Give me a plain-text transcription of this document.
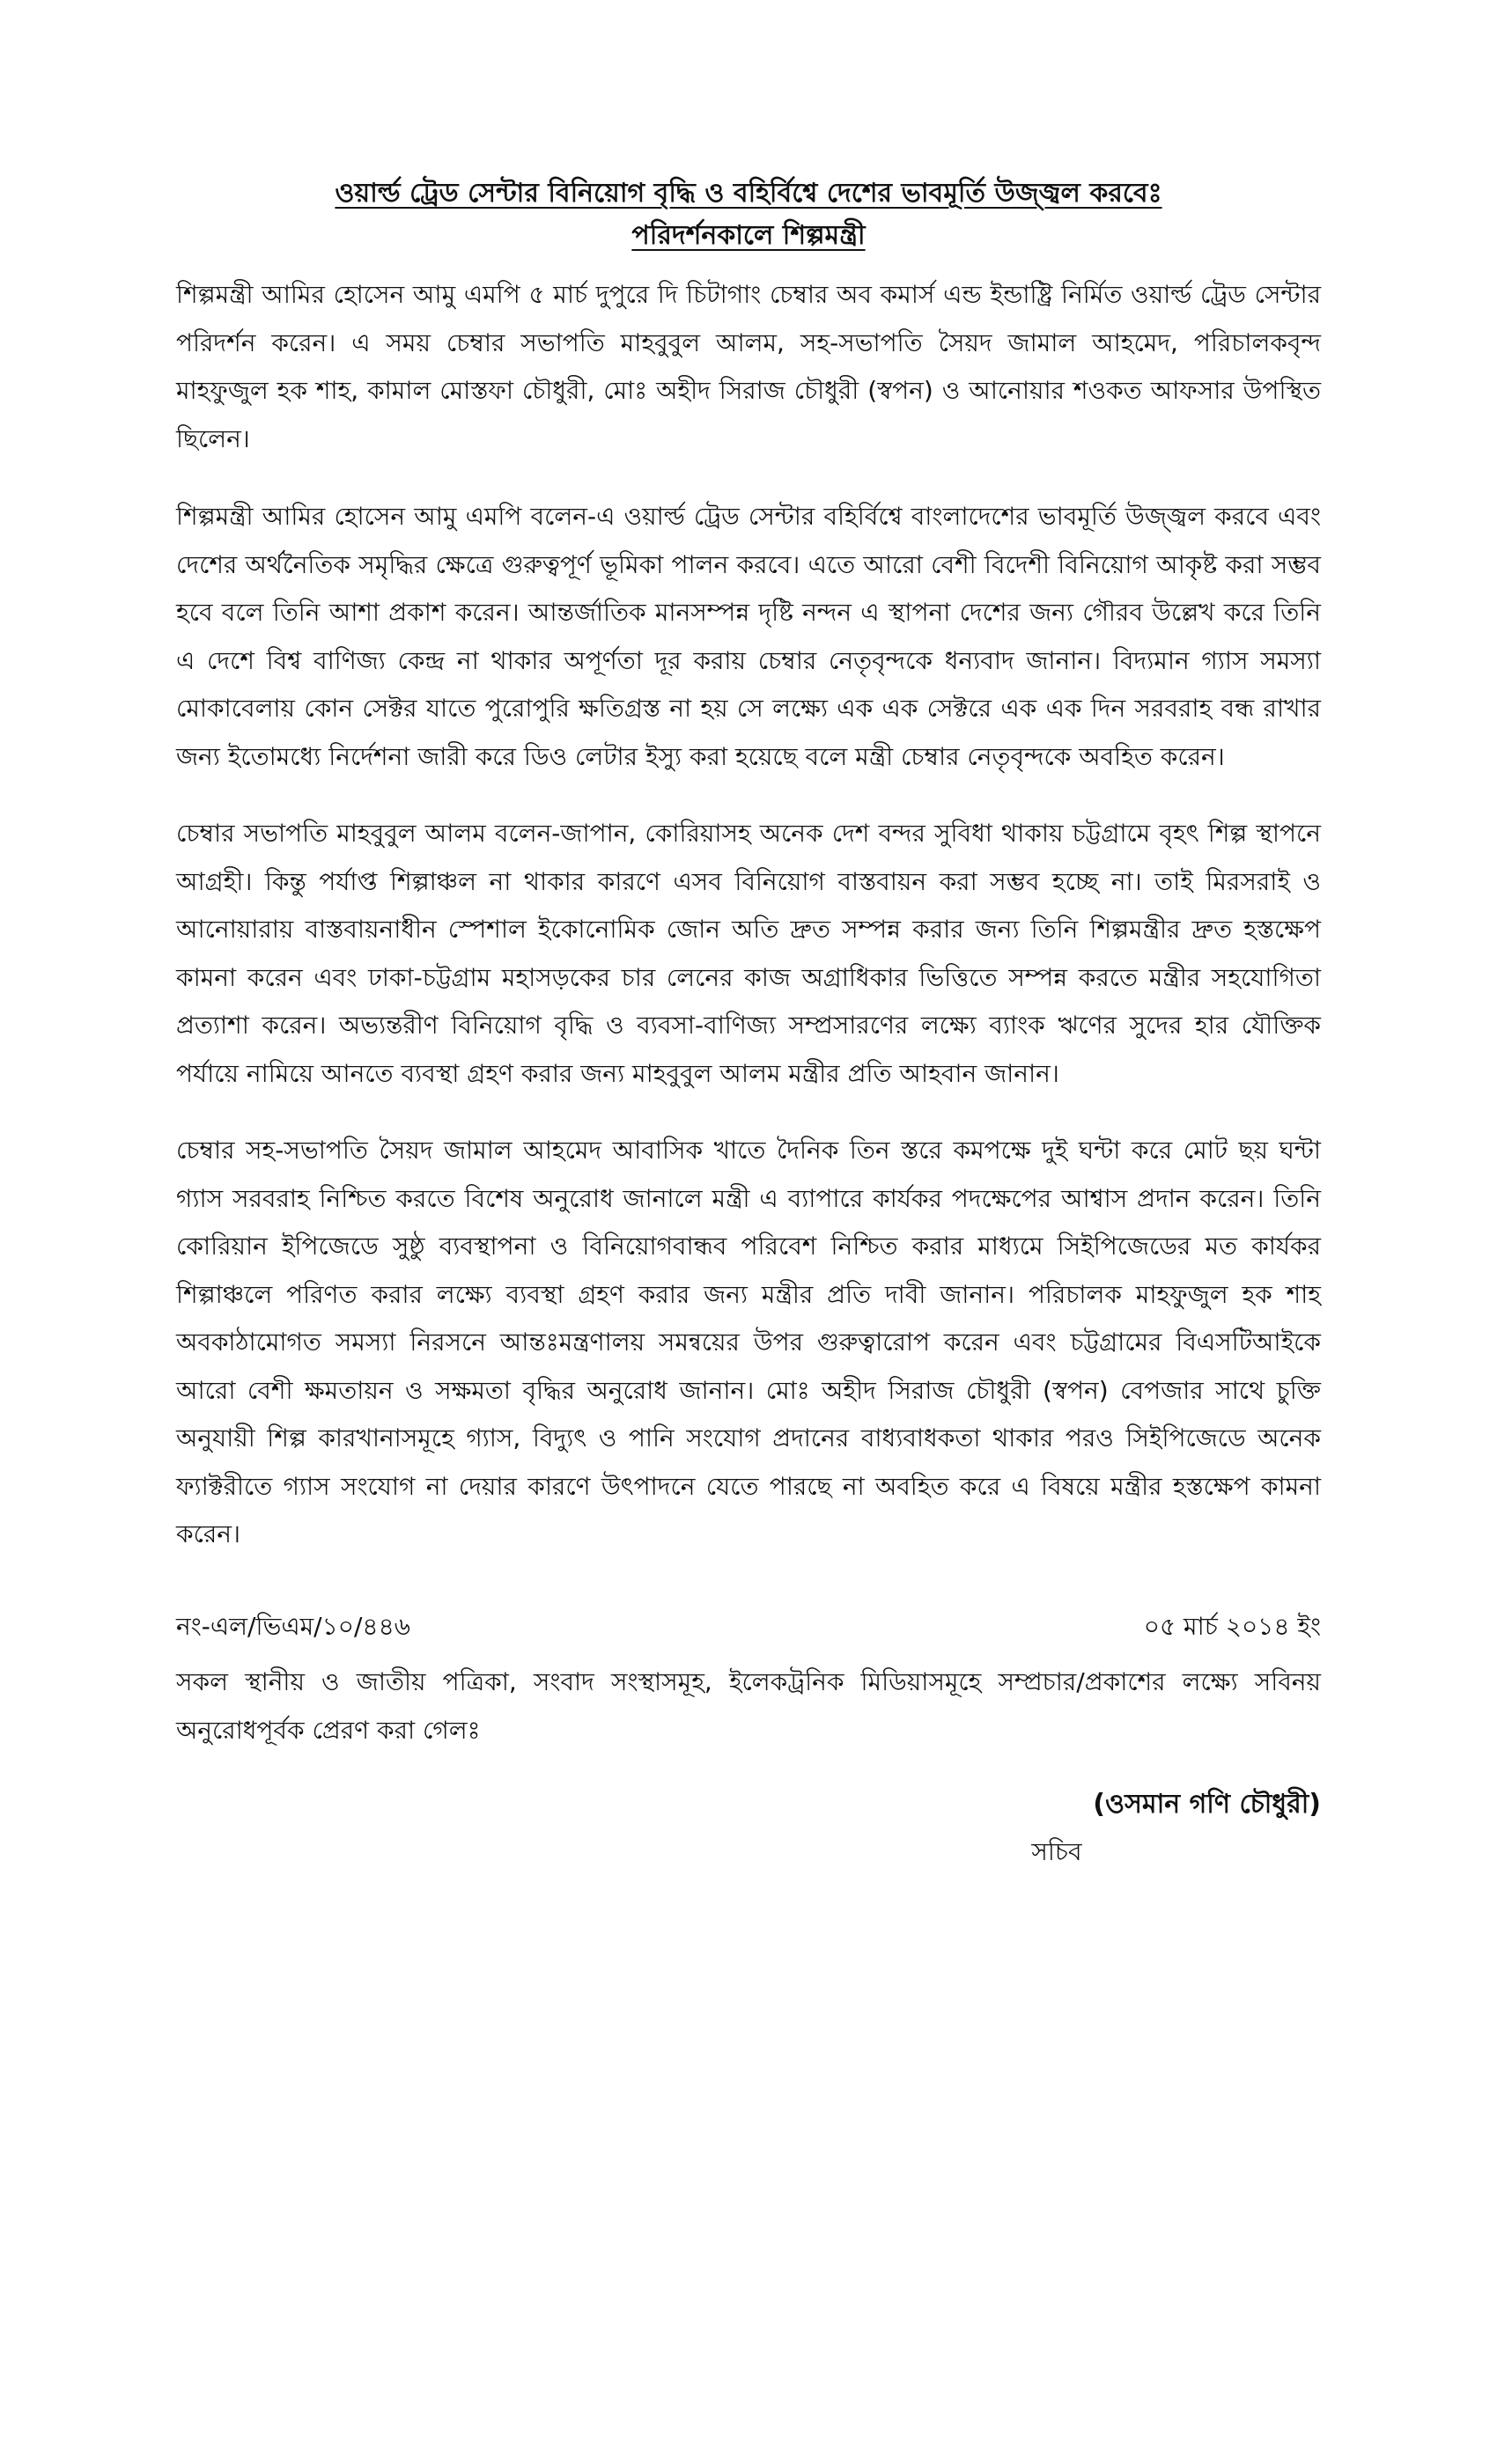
ওয়ার্ল্ড ট্রেড সেন্টার বিনিয়োগ বৃদ্ধি ও বহির্বিশ্বে দেশের ভাবমূর্তি উজ্জ্বল করবেঃ
পরিদর্শনকালে শিল্পমন্ত্রী

শিল্পমন্ত্রী আমির হোসেন আমু এমপি ৫ মার্চ দুপুরে দি চিটাগাং চেম্বার অব কমার্স এন্ড ইন্ডাষ্ট্রি নির্মিত ওয়ার্ল্ড ট্রেড সেন্টার পরিদর্শন করেন। এ সময় চেম্বার সভাপতি মাহবুবুল আলম, সহ-সভাপতি সৈয়দ জামাল আহমেদ, পরিচালকবৃন্দ মাহফুজুল হক শাহ, কামাল মোস্তফা চৌধুরী, মোঃ অহীদ সিরাজ চৌধুরী (স্বপন) ও আনোয়ার শওকত আফসার উপস্থিত ছিলেন।

শিল্পমন্ত্রী আমির হোসেন আমু এমপি বলেন-এ ওয়ার্ল্ড ট্রেড সেন্টার বহির্বিশ্বে বাংলাদেশের ভাবমূর্তি উজ্জ্বল করবে এবং দেশের অর্থনৈতিক সমৃদ্ধির ক্ষেত্রে গুরুত্বপূর্ণ ভূমিকা পালন করবে। এতে আরো বেশী বিদেশী বিনিয়োগ আকৃষ্ট করা সম্ভব হবে বলে তিনি আশা প্রকাশ করেন। আন্তর্জাতিক মানসম্পন্ন দৃষ্টি নন্দন এ স্থাপনা দেশের জন্য গৌরব উল্লেখ করে তিনি এ দেশে বিশ্ব বাণিজ্য কেন্দ্র না থাকার অপূর্ণতা দূর করায় চেম্বার নেতৃবৃন্দকে ধন্যবাদ জানান। বিদ্যমান গ্যাস সমস্যা মোকাবেলায় কোন সেক্টর যাতে পুরোপুরি ক্ষতিগ্রস্ত না হয় সে লক্ষ্যে এক এক সেক্টরে এক এক দিন সরবরাহ বন্ধ রাখার জন্য ইতোমধ্যে নির্দেশনা জারী করে ডিও লেটার ইস্যু করা হয়েছে বলে মন্ত্রী চেম্বার নেতৃবৃন্দকে অবহিত করেন।

চেম্বার সভাপতি মাহবুবুল আলম বলেন-জাপান, কোরিয়াসহ অনেক দেশ বন্দর সুবিধা থাকায় চট্টগ্রামে বৃহৎ শিল্প স্থাপনে আগ্রহী। কিন্তু পর্যাপ্ত শিল্পাঞ্চল না থাকার কারণে এসব বিনিয়োগ বাস্তবায়ন করা সম্ভব হচ্ছে না। তাই মিরসরাই ও আনোয়ারায় বাস্তবায়নাধীন স্পেশাল ইকোনোমিক জোন অতি দ্রুত সম্পন্ন করার জন্য তিনি শিল্পমন্ত্রীর দ্রুত হস্তক্ষেপ কামনা করেন এবং ঢাকা-চট্টগ্রাম মহাসড়কের চার লেনের কাজ অগ্রাধিকার ভিত্তিতে সম্পন্ন করতে মন্ত্রীর সহযোগিতা প্রত্যাশা করেন। অভ্যন্তরীণ বিনিয়োগ বৃদ্ধি ও ব্যবসা-বাণিজ্য সম্প্রসারণের লক্ষ্যে ব্যাংক ঋণের সুদের হার যৌক্তিক পর্যায়ে নামিয়ে আনতে ব্যবস্থা গ্রহণ করার জন্য মাহবুবুল আলম মন্ত্রীর প্রতি আহবান জানান।

চেম্বার সহ-সভাপতি সৈয়দ জামাল আহমেদ আবাসিক খাতে দৈনিক তিন স্তরে কমপক্ষে দুই ঘন্টা করে মোট ছয় ঘন্টা গ্যাস সরবরাহ নিশ্চিত করতে বিশেষ অনুরোধ জানালে মন্ত্রী এ ব্যাপারে কার্যকর পদক্ষেপের আশ্বাস প্রদান করেন। তিনি কোরিয়ান ইপিজেডে সুষ্ঠু ব্যবস্থাপনা ও বিনিয়োগবান্ধব পরিবেশ নিশ্চিত করার মাধ্যমে সিইপিজেডের মত কার্যকর শিল্পাঞ্চলে পরিণত করার লক্ষ্যে ব্যবস্থা গ্রহণ করার জন্য মন্ত্রীর প্রতি দাবী জানান। পরিচালক মাহফুজুল হক শাহ অবকাঠামোগত সমস্যা নিরসনে আন্তঃমন্ত্রণালয় সমন্বয়ের উপর গুরুত্বারোপ করেন এবং চট্টগ্রামের বিএসটিআইকে আরো বেশী ক্ষমতায়ন ও সক্ষমতা বৃদ্ধির অনুরোধ জানান। মোঃ অহীদ সিরাজ চৌধুরী (স্বপন) বেপজার সাথে চুক্তি অনুযায়ী শিল্প কারখানাসমূহে গ্যাস, বিদ্যুৎ ও পানি সংযোগ প্রদানের বাধ্যবাধকতা থাকার পরও সিইপিজেডে অনেক ফ্যাক্টরীতে গ্যাস সংযোগ না দেয়ার কারণে উৎপাদনে যেতে পারছে না অবহিত করে এ বিষয়ে মন্ত্রীর হস্তক্ষেপ কামনা করেন।

নং-এল/ভিএম/১০/৪৪৬	০৫ মার্চ ২০১৪ ইং

সকল স্থানীয় ও জাতীয় পত্রিকা, সংবাদ সংস্থাসমূহ, ইলেকট্রনিক মিডিয়াসমূহে সম্প্রচার/প্রকাশের লক্ষ্যে সবিনয় অনুরোধপূর্বক প্রেরণ করা গেলঃ

(ওসমান গণি চৌধুরী)
সচিব
